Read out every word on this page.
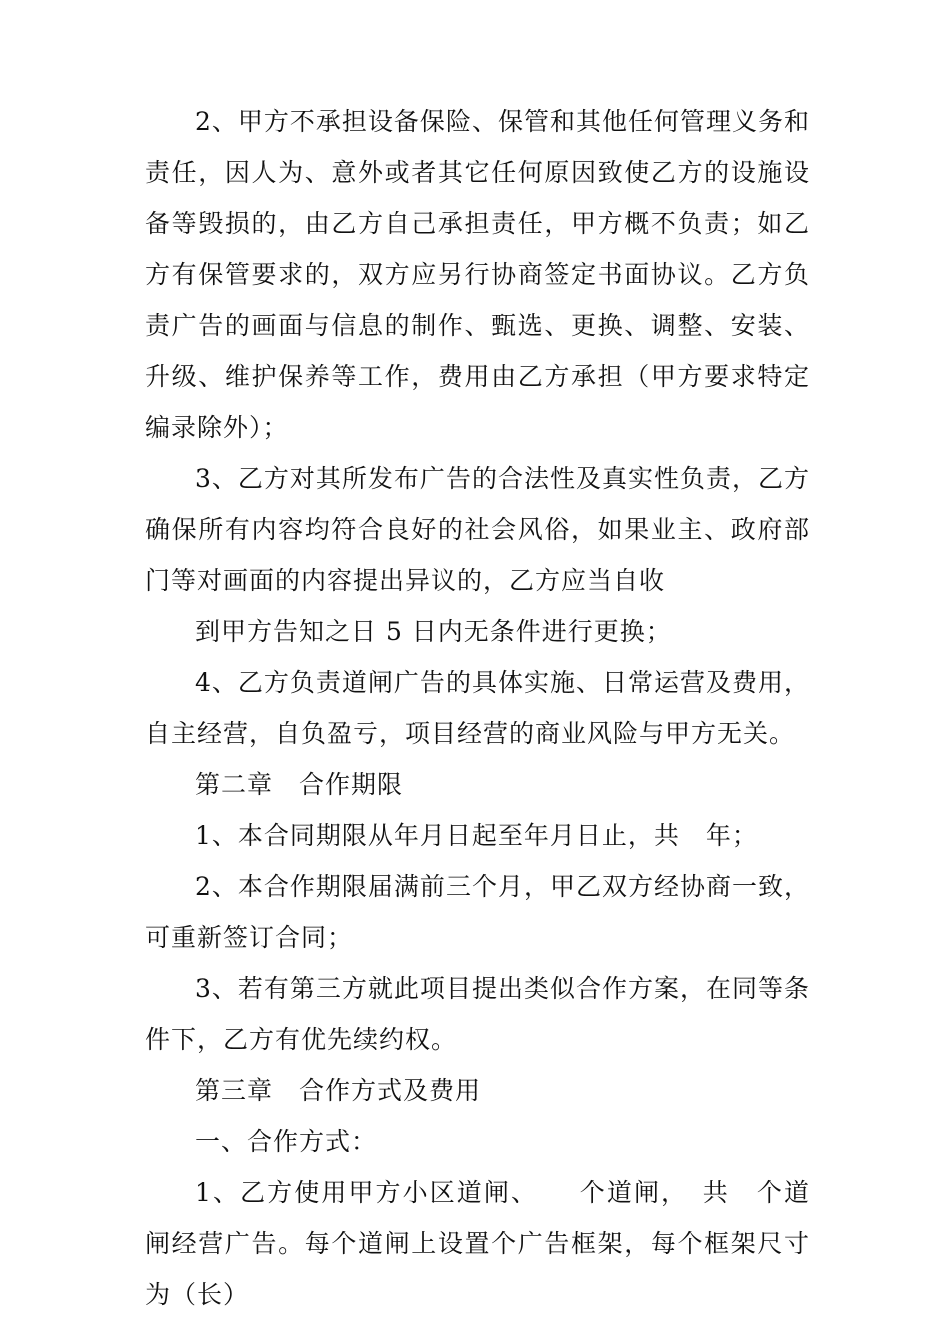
2、甲方不承担设备保险、保管和其他任何管理义务和责任，因人为、意外或者其它任何原因致使乙方的设施设备等毁损的，由乙方自己承担责任，甲方概不负责；如乙方有保管要求的，双方应另行协商签定书面协议。乙方负责广告的画面与信息的制作、甄选、更换、调整、安装、升级、维护保养等工作，费用由乙方承担（甲方要求特定编录除外）；

3、乙方对其所发布广告的合法性及真实性负责，乙方确保所有内容均符合良好的社会风俗，如果业主、政府部门等对画面的内容提出异议的，乙方应当自收

到甲方告知之日 5 日内无条件进行更换；

4、乙方负责道闸广告的具体实施、日常运营及费用，自主经营，自负盈亏，项目经营的商业风险与甲方无关。

第二章　合作期限

1、本合同期限从年月日起至年月日止，共　年；

2、本合作期限届满前三个月，甲乙双方经协商一致，可重新签订合同；

3、若有第三方就此项目提出类似合作方案，在同等条件下，乙方有优先续约权。

第三章　合作方式及费用

一、合作方式：

1、乙方使用甲方小区道闸、　　个道闸，　共　个道闸经营广告。每个道闸上设置个广告框架，每个框架尺寸为（长）
